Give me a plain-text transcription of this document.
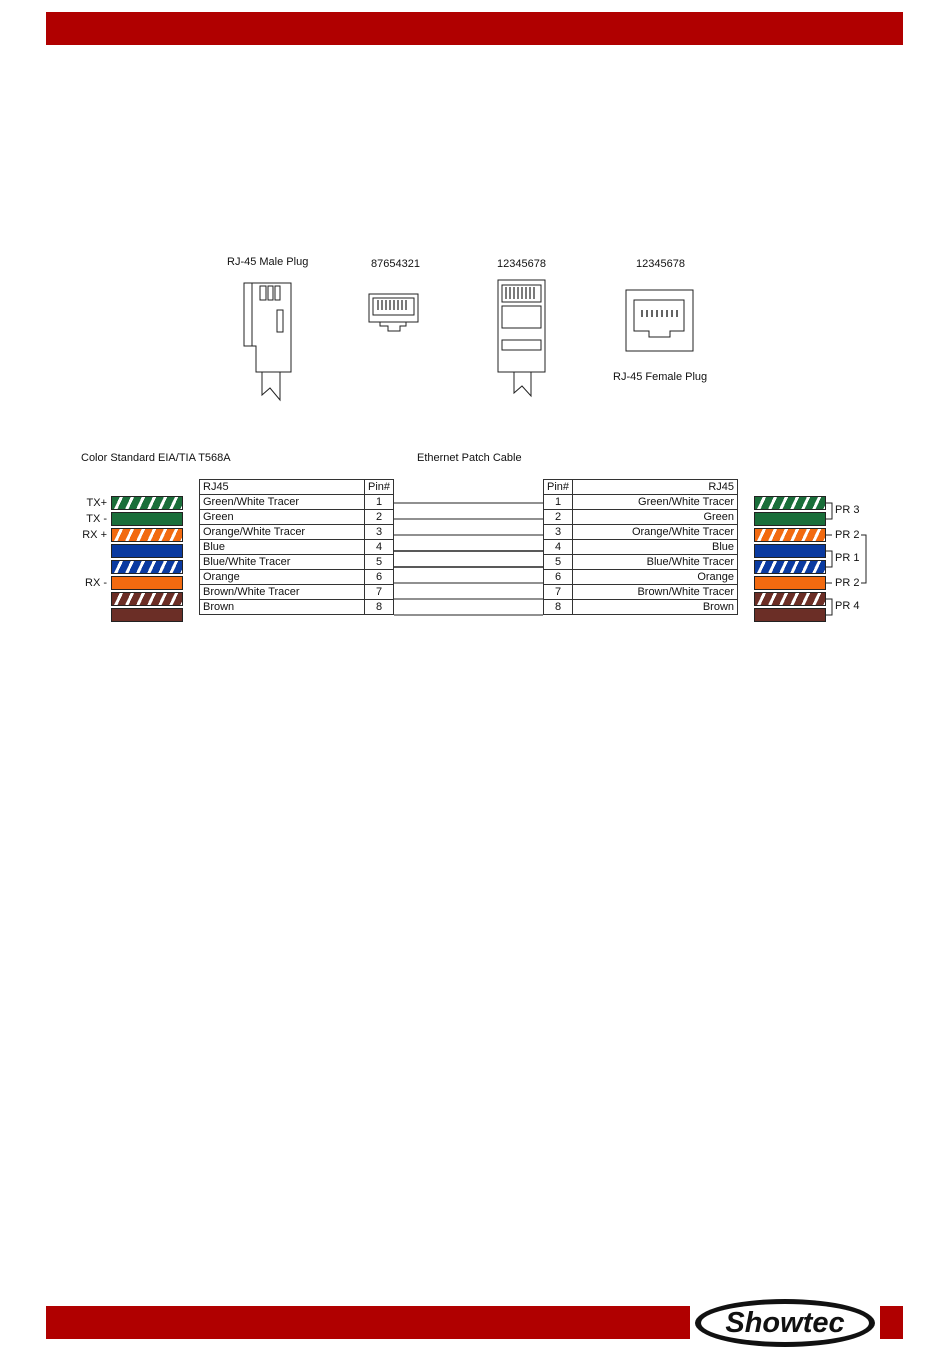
RJ-45 Male Plug	87654321	12345678	12345678
RJ-45 Female Plug
Color Standard EIA/TIA T568A	Ethernet Patch Cable
RJ45	Pin#
Green/White Tracer	1
Green	2
Orange/White Tracer	3
Blue	4
Blue/White Tracer	5
Orange	6
Brown/White Tracer	7
Brown	8
Pin#	RJ45
1	Green/White Tracer
2	Green
3	Orange/White Tracer
4	Blue
5	Blue/White Tracer
6	Orange
7	Brown/White Tracer
8	Brown
TX+
TX -
RX +
RX -
PR 3
PR 2
PR 1
PR 2
PR 4
Showtec
